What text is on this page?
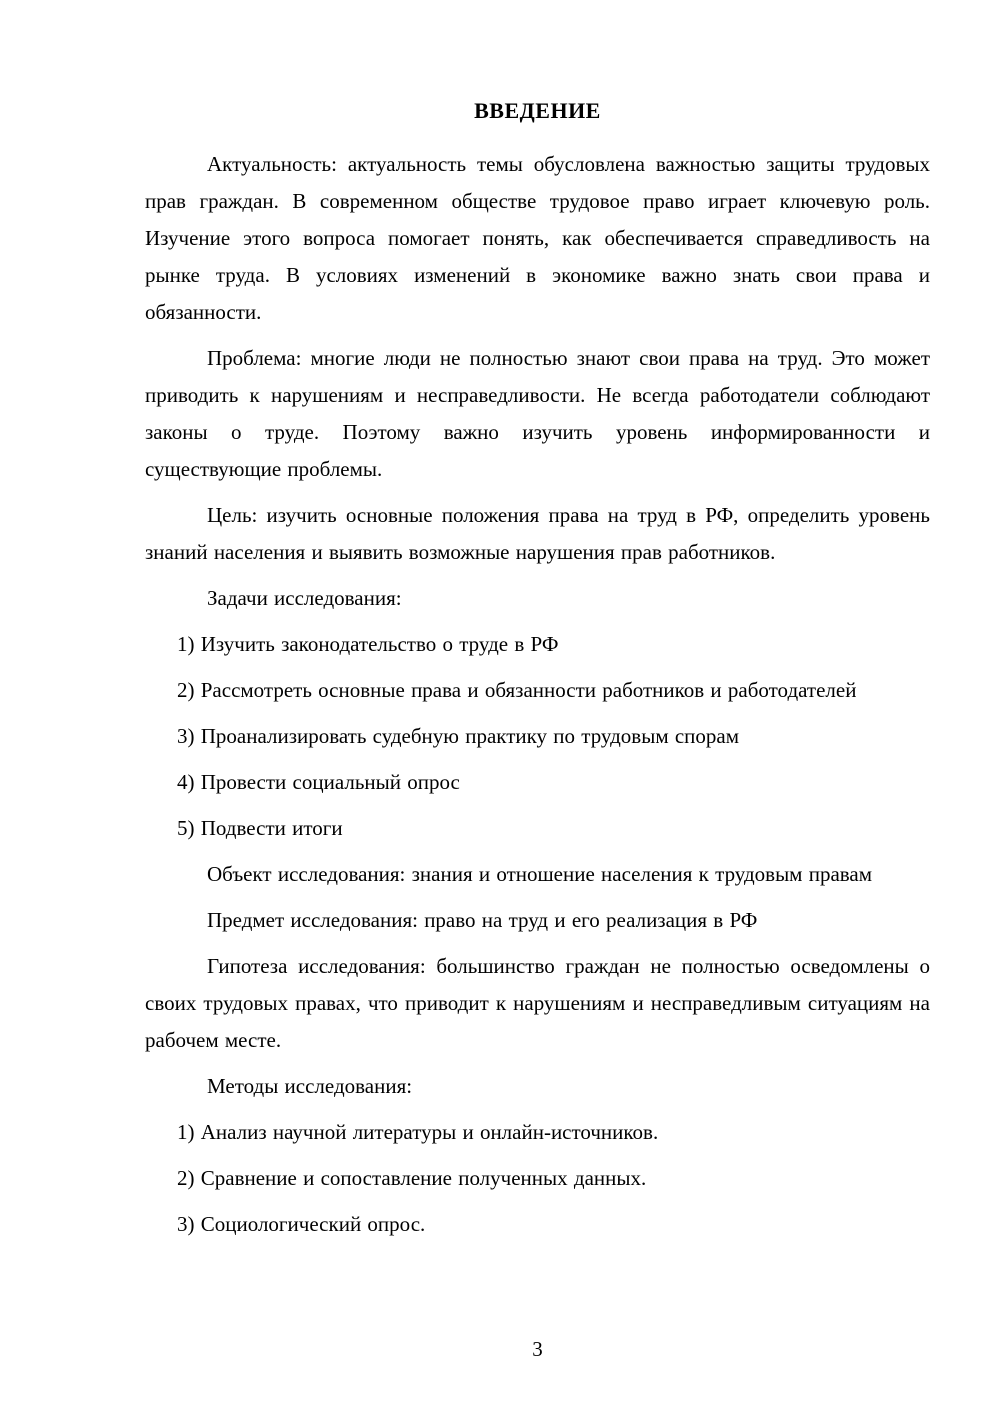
ВВЕДЕНИЕ

Актуальность: актуальность темы обусловлена важностью защиты трудовых прав граждан. В современном обществе трудовое право играет ключевую роль. Изучение этого вопроса помогает понять, как обеспечивается справедливость на рынке труда. В условиях изменений в экономике важно знать свои права и обязанности.

Проблема: многие люди не полностью знают свои права на труд. Это может приводить к нарушениям и несправедливости. Не всегда работодатели соблюдают законы о труде. Поэтому важно изучить уровень информированности и существующие проблемы.

Цель: изучить основные положения права на труд в РФ, определить уровень знаний населения и выявить возможные нарушения прав работников.

Задачи исследования:

1) Изучить законодательство о труде в РФ

2) Рассмотреть основные права и обязанности работников и работодателей

3) Проанализировать судебную практику по трудовым спорам

4) Провести социальный опрос

5) Подвести итоги

Объект исследования: знания и отношение населения к трудовым правам

Предмет исследования: право на труд и его реализация в РФ

Гипотеза исследования: большинство граждан не полностью осведомлены о своих трудовых правах, что приводит к нарушениям и несправедливым ситуациям на рабочем месте.

Методы исследования:

1) Анализ научной литературы и онлайн-источников.

2) Сравнение и сопоставление полученных данных.

3) Социологический опрос.

3
